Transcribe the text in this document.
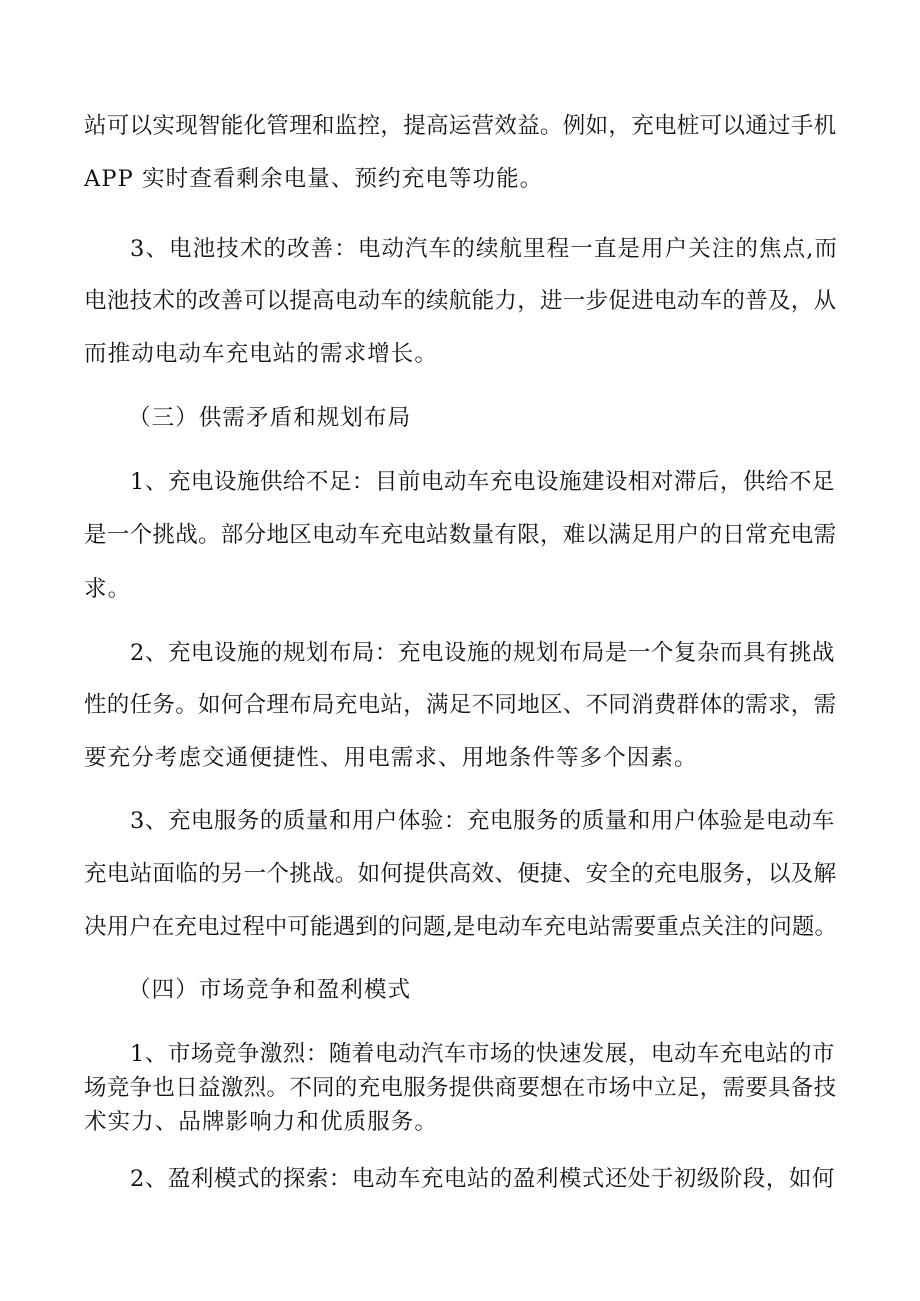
站可以实现智能化管理和监控，提高运营效益。例如，充电桩可以通过手机
APP 实时查看剩余电量、预约充电等功能。
3、电池技术的改善：电动汽车的续航里程一直是用户关注的焦点,而
电池技术的改善可以提高电动车的续航能力，进一步促进电动车的普及，从
而推动电动车充电站的需求增长。
（三）供需矛盾和规划布局
1、充电设施供给不足：目前电动车充电设施建设相对滞后，供给不足
是一个挑战。部分地区电动车充电站数量有限，难以满足用户的日常充电需
求。
2、充电设施的规划布局：充电设施的规划布局是一个复杂而具有挑战
性的任务。如何合理布局充电站，满足不同地区、不同消费群体的需求，需
要充分考虑交通便捷性、用电需求、用地条件等多个因素。
3、充电服务的质量和用户体验：充电服务的质量和用户体验是电动车
充电站面临的另一个挑战。如何提供高效、便捷、安全的充电服务，以及解
决用户在充电过程中可能遇到的问题,是电动车充电站需要重点关注的问题。
（四）市场竞争和盈利模式
1、市场竞争激烈：随着电动汽车市场的快速发展，电动车充电站的市
场竞争也日益激烈。不同的充电服务提供商要想在市场中立足，需要具备技
术实力、品牌影响力和优质服务。
2、盈利模式的探索：电动车充电站的盈利模式还处于初级阶段，如何
